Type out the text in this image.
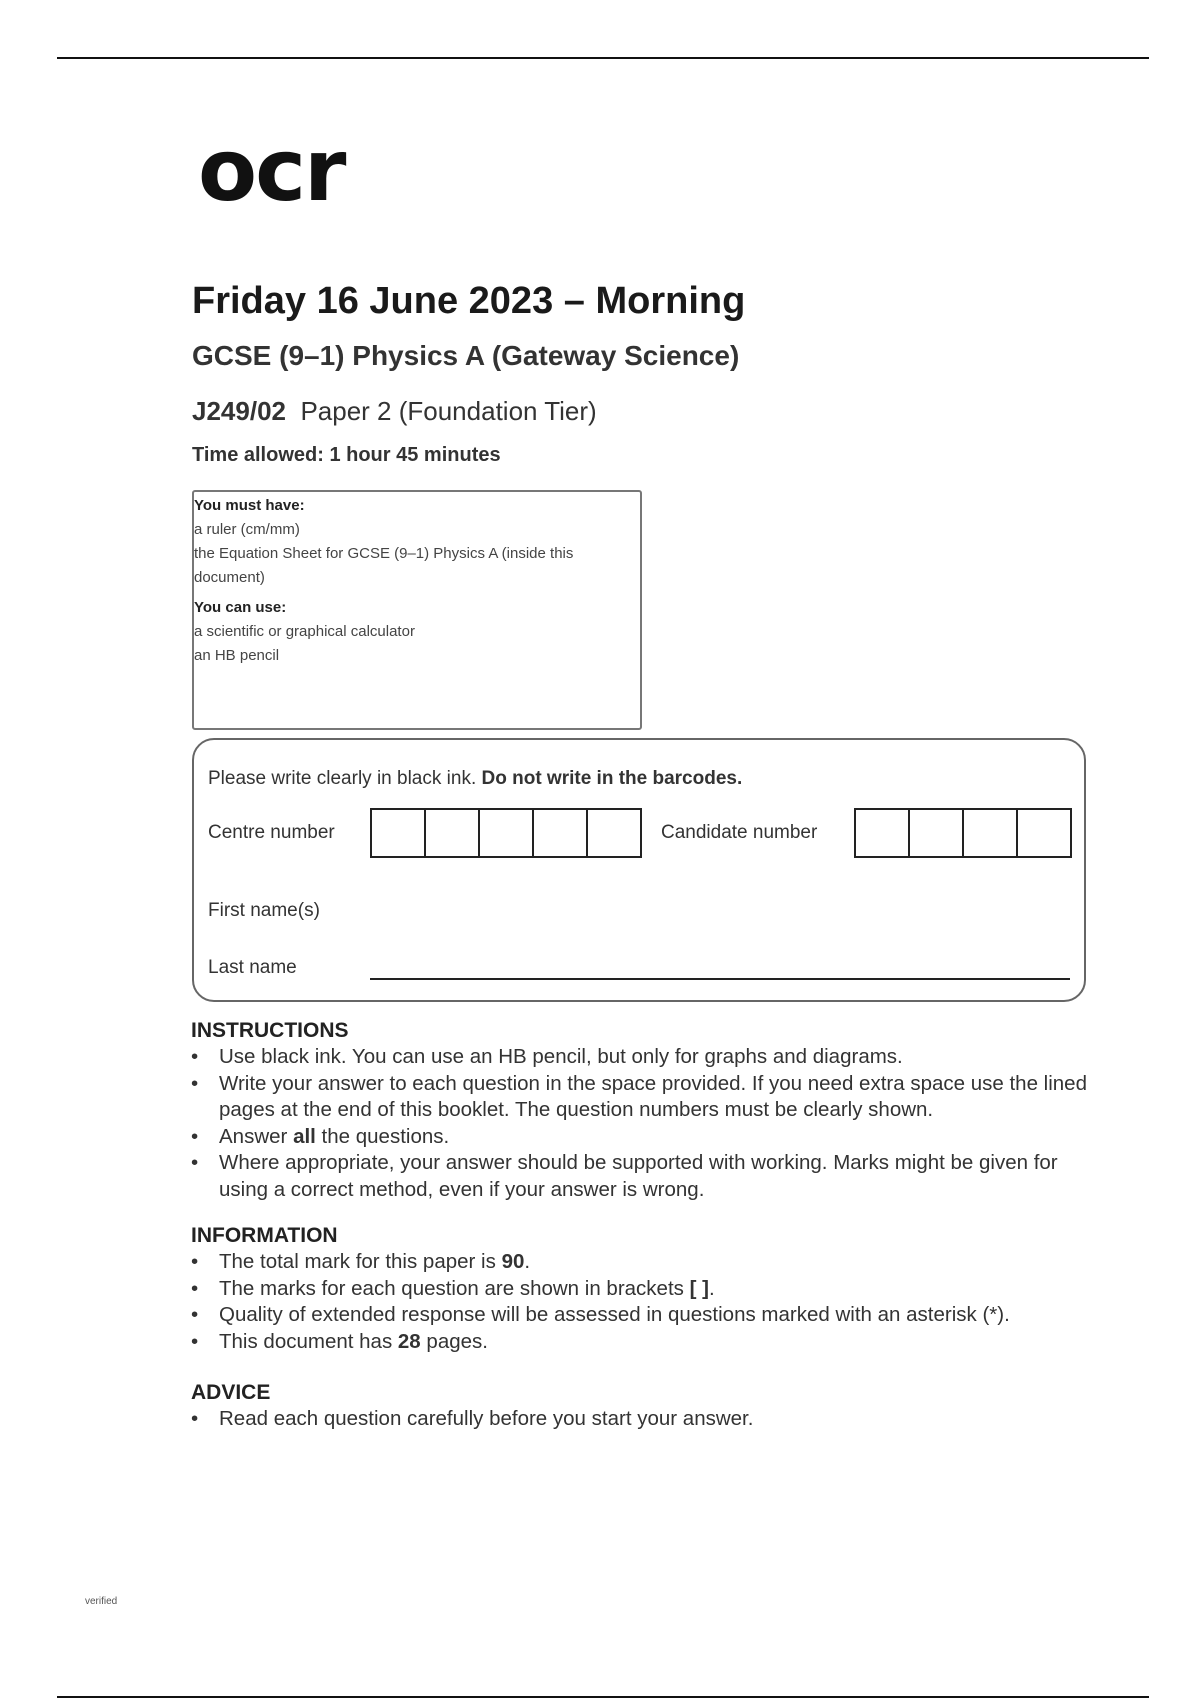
ocr
Friday 16 June 2023 – Morning
GCSE (9–1) Physics A (Gateway Science)
J249/02 Paper 2 (Foundation Tier)
Time allowed: 1 hour 45 minutes
You must have:
a ruler (cm/mm)
the Equation Sheet for GCSE (9–1) Physics A (inside this
document)
You can use:
a scientific or graphical calculator
an HB pencil
Please write clearly in black ink. Do not write in the barcodes.
Centre number	Candidate number
First name(s)
Last name
INSTRUCTIONS
• Use black ink. You can use an HB pencil, but only for graphs and diagrams.
• Write your answer to each question in the space provided. If you need extra space use the lined pages at the end of this booklet. The question numbers must be clearly shown.
• Answer all the questions.
• Where appropriate, your answer should be supported with working. Marks might be given for using a correct method, even if your answer is wrong.
INFORMATION
• The total mark for this paper is 90.
• The marks for each question are shown in brackets [ ].
• Quality of extended response will be assessed in questions marked with an asterisk (*).
• This document has 28 pages.
ADVICE
• Read each question carefully before you start your answer.
verified
